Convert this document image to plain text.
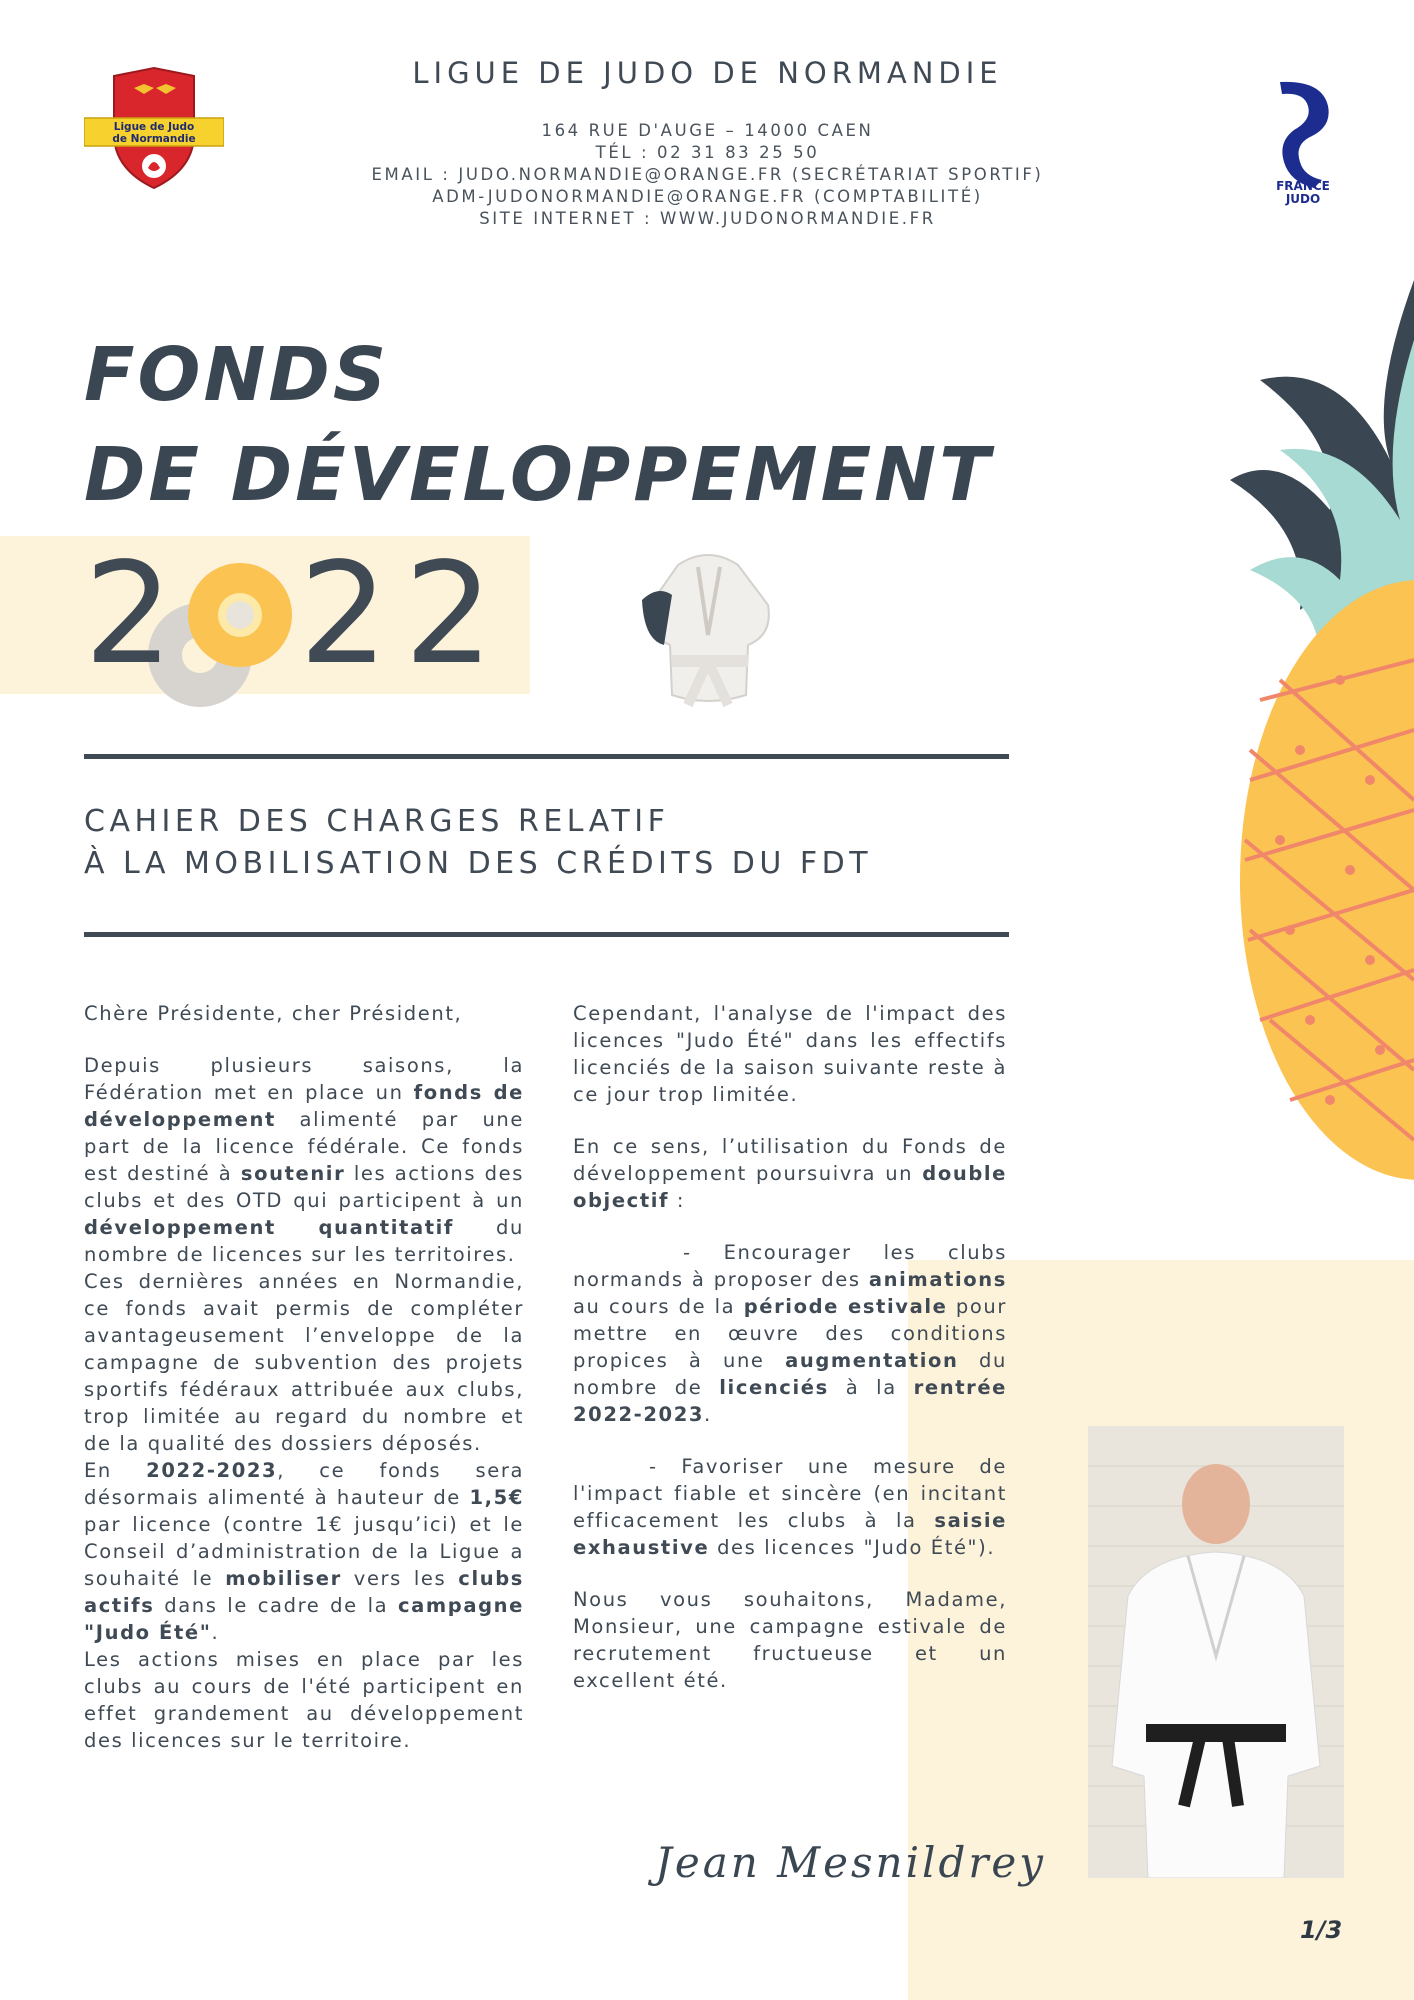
Ligue de Judo
de Normandie
LIGUE DE JUDO DE NORMANDIE
164 RUE D'AUGE – 14000 CAEN
TÉL : 02 31 83 25 50
EMAIL : JUDO.NORMANDIE@ORANGE.FR (SECRÉTARIAT SPORTIF)
ADM-JUDONORMANDIE@ORANGE.FR (COMPTABILITÉ)
SITE INTERNET : WWW.JUDONORMANDIE.FR
FRANCE
JUDO
FONDS
DE DÉVELOPPEMENT
2 22
CAHIER DES CHARGES RELATIF
À LA MOBILISATION DES CRÉDITS DU FDT

Chère Présidente, cher Président,

Depuis plusieurs saisons, la Fédération met en place un fonds de développement alimenté par une part de la licence fédérale. Ce fonds est destiné à soutenir les actions des clubs et des OTD qui participent à un développement quantitatif du nombre de licences sur les territoires.

Ces dernières années en Normandie, ce fonds avait permis de compléter avantageusement l’enveloppe de la campagne de subvention des projets sportifs fédéraux attribuée aux clubs, trop limitée au regard du nombre et de la qualité des dossiers déposés.

En 2022-2023, ce fonds sera désormais alimenté à hauteur de 1,5€ par licence (contre 1€ jusqu’ici) et le Conseil d’administration de la Ligue a souhaité le mobiliser vers les clubs actifs dans le cadre de la campagne "Judo Été".

Les actions mises en place par les clubs au cours de l'été participent en effet grandement au développement des licences sur le territoire.

Cependant, l'analyse de l'impact des licences "Judo Été" dans les effectifs licenciés de la saison suivante reste à ce jour trop limitée.

En ce sens, l’utilisation du Fonds de développement poursuivra un double objectif :

- Encourager les clubs normands à proposer des animations au cours de la période estivale pour mettre en œuvre des conditions propices à une augmentation du nombre de licenciés à la rentrée 2022-2023.

- Favoriser une mesure de l'impact fiable et sincère (en incitant efficacement les clubs à la saisie exhaustive des licences "Judo Été").

Nous vous souhaitons, Madame, Monsieur, une campagne estivale de recrutement fructueuse et un excellent été.

Jean Mesnildrey
1/3
